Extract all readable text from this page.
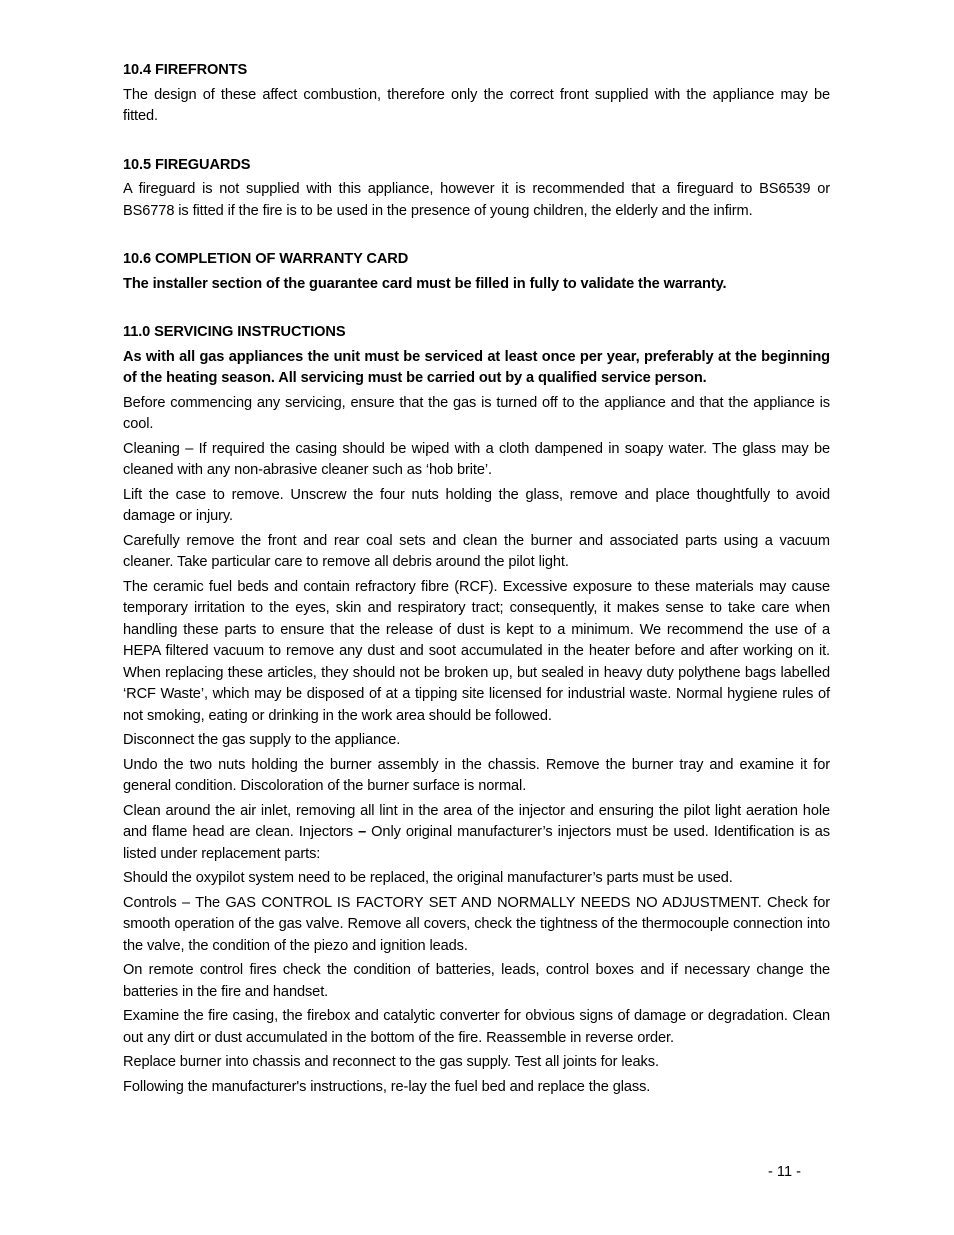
10.4 FIREFRONTS
The design of these affect combustion, therefore only the correct front supplied with the appliance may be fitted.
10.5 FIREGUARDS
A fireguard is not supplied with this appliance, however it is recommended that a fireguard to BS6539 or BS6778 is fitted if the fire is to be used in the presence of young children, the elderly and the infirm.
10.6 COMPLETION OF WARRANTY CARD
The installer section of the guarantee card must be filled in fully to validate the warranty.
11.0 SERVICING INSTRUCTIONS
As with all gas appliances the unit must be serviced at least once per year, preferably at the beginning of the heating season. All servicing must be carried out by a qualified service person.
Before commencing any servicing, ensure that the gas is turned off to the appliance and that the appliance is cool.
Cleaning – If required the casing should be wiped with a cloth dampened in soapy water. The glass may be cleaned with any non-abrasive cleaner such as ‘hob brite’.
Lift the case to remove. Unscrew the four nuts holding the glass, remove and place thoughtfully to avoid damage or injury.
Carefully remove the front and rear coal sets and clean the burner and associated parts using a vacuum cleaner. Take particular care to remove all debris around the pilot light.
The ceramic fuel beds and contain refractory fibre (RCF). Excessive exposure to these materials may cause temporary irritation to the eyes, skin and respiratory tract; consequently, it makes sense to take care when handling these parts to ensure that the release of dust is kept to a minimum. We recommend the use of a HEPA filtered vacuum to remove any dust and soot accumulated in the heater before and after working on it. When replacing these articles, they should not be broken up, but sealed in heavy duty polythene bags labelled ‘RCF Waste’, which may be disposed of at a tipping site licensed for industrial waste. Normal hygiene rules of not smoking, eating or drinking in the work area should be followed.
Disconnect the gas supply to the appliance.
Undo the two nuts holding the burner assembly in the chassis. Remove the burner tray and examine it for general condition. Discoloration of the burner surface is normal.
Clean around the air inlet, removing all lint in the area of the injector and ensuring the pilot light aeration hole and flame head are clean. Injectors – Only original manufacturer’s injectors must be used. Identification is as listed under replacement parts:
Should the oxypilot system need to be replaced, the original manufacturer’s parts must be used.
Controls – The GAS CONTROL IS FACTORY SET AND NORMALLY NEEDS NO ADJUSTMENT. Check for smooth operation of the gas valve. Remove all covers, check the tightness of the thermocouple connection into the valve, the condition of the piezo and ignition leads.
On remote control fires check the condition of batteries, leads, control boxes and if necessary change the batteries in the fire and handset.
Examine the fire casing, the firebox and catalytic converter for obvious signs of damage or degradation. Clean out any dirt or dust accumulated in the bottom of the fire. Reassemble in reverse order.
Replace burner into chassis and reconnect to the gas supply. Test all joints for leaks.
Following the manufacturer's instructions, re-lay the fuel bed and replace the glass.
- 11 -
